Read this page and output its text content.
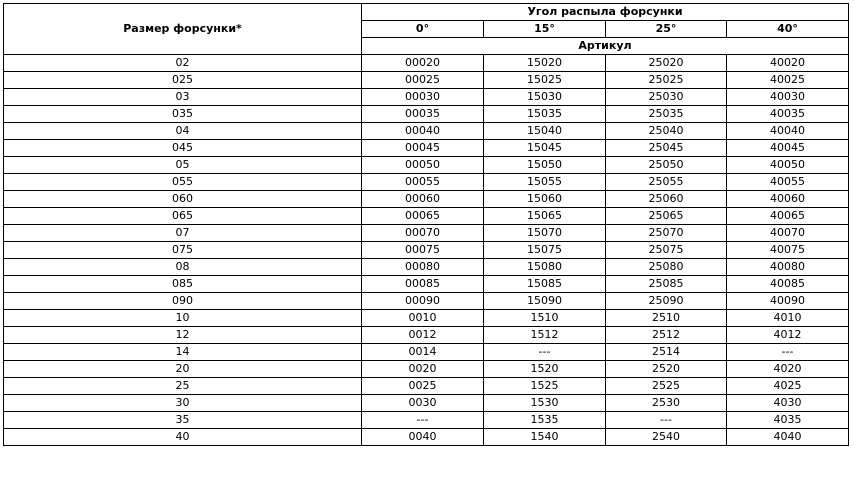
Размер форсунки*	Угол распыла форсунки			
	0°	15°	25°	40°
	Артикул			
02	00020	15020	25020	40020
025	00025	15025	25025	40025
03	00030	15030	25030	40030
035	00035	15035	25035	40035
04	00040	15040	25040	40040
045	00045	15045	25045	40045
05	00050	15050	25050	40050
055	00055	15055	25055	40055
060	00060	15060	25060	40060
065	00065	15065	25065	40065
07	00070	15070	25070	40070
075	00075	15075	25075	40075
08	00080	15080	25080	40080
085	00085	15085	25085	40085
090	00090	15090	25090	40090
10	0010	1510	2510	4010
12	0012	1512	2512	4012
14	0014	---	2514	---
20	0020	1520	2520	4020
25	0025	1525	2525	4025
30	0030	1530	2530	4030
35	---	1535	---	4035
40	0040	1540	2540	4040
